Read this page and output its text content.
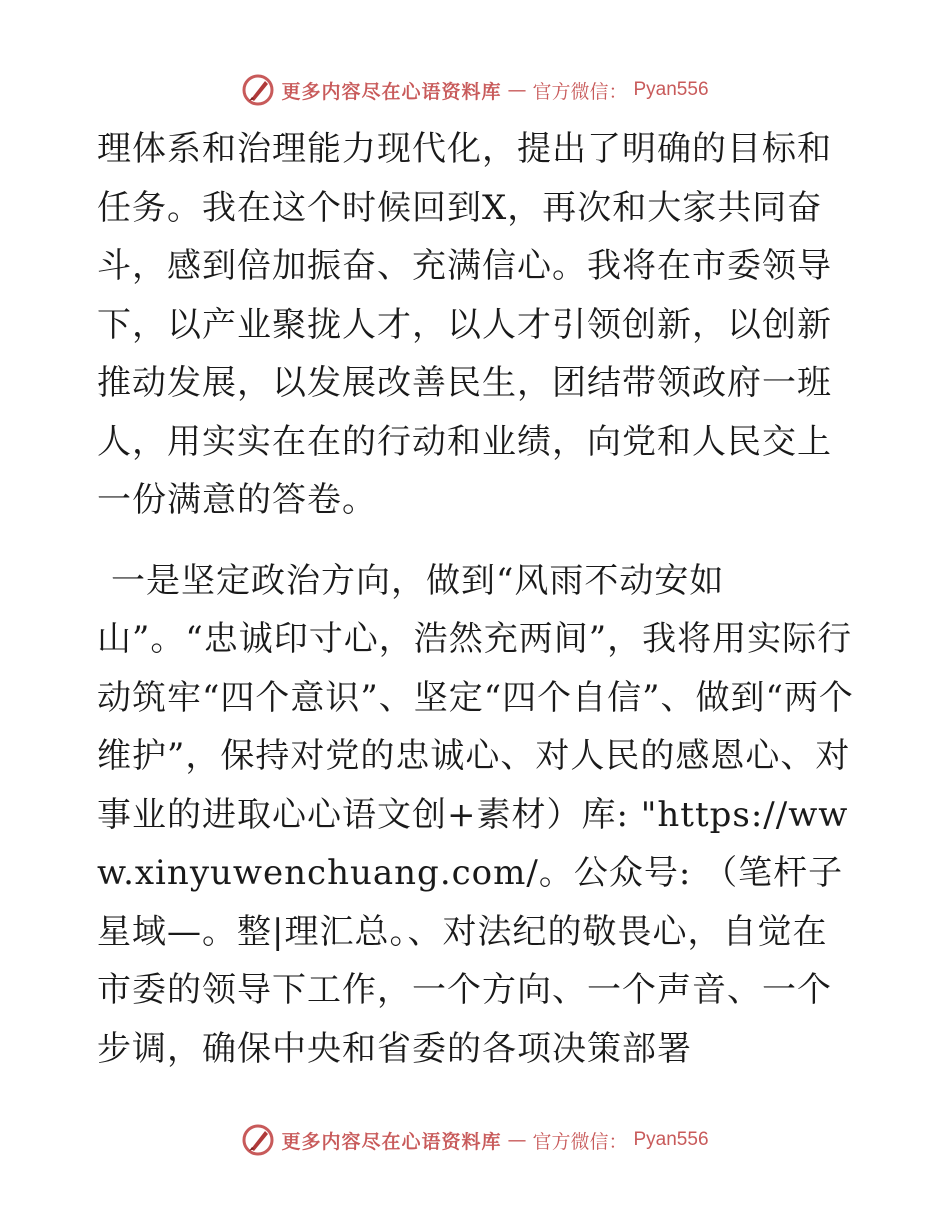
更多内容尽在心语资料库 — 官方微信： Pyan556

理体系和治理能力现代化，提出了明确的目标和任务。我在这个时候回到X，再次和大家共同奋斗，感到倍加振奋、充满信心。我将在市委领导下，以产业聚拢人才，以人才引领创新，以创新推动发展，以发展改善民生，团结带领政府一班人，用实实在在的行动和业绩，向党和人民交上一份满意的答卷。

一是坚定政治方向，做到“风雨不动安如山”。“忠诚印寸心，浩然充两间”，我将用实际行动筑牢“四个意识”、坚定“四个自信”、做到“两个维护”，保持对党的忠诚心、对人民的感恩心、对事业的进取心心语文创+素材）库: "https://www.xinyuwenchuang.com/。公众号: （笔杆子星域—。整|理汇总。、对法纪的敬畏心，自觉在市委的领导下工作，一个方向、一个声音、一个步调，确保中央和省委的各项决策部署

更多内容尽在心语资料库 — 官方微信： Pyan556
